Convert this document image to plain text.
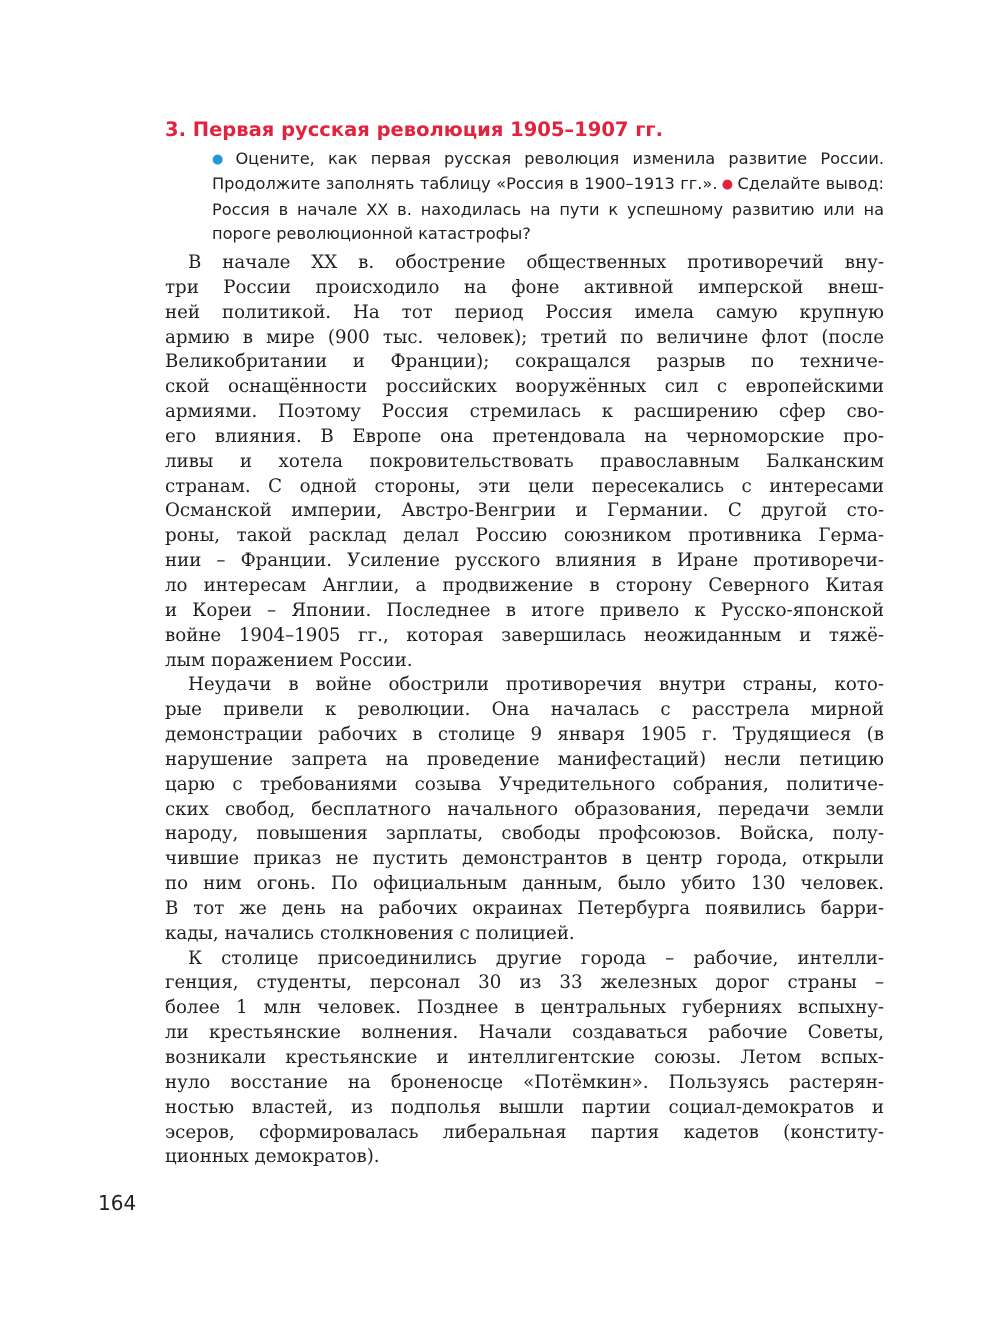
3. Первая русская революция 1905–1907 гг.

● Оцените, как первая русская революция изменила развитие России. Продолжите заполнять таблицу «Россия в 1900–1913 гг.». ● Сделайте вывод: Россия в начале XX в. находилась на пути к успешному развитию или на пороге революционной катастрофы?

В начале XX в. обострение общественных противоречий вну-
три России происходило на фоне активной имперской внеш-
ней политикой. На тот период Россия имела самую крупную
армию в мире (900 тыс. человек); третий по величине флот (после
Великобритании и Франции); сокращался разрыв по техниче-
ской оснащённости российских вооружённых сил с европейскими
армиями. Поэтому Россия стремилась к расширению сфер сво-
его влияния. В Европе она претендовала на черноморские про-
ливы и хотела покровительствовать православным Балканским
странам. С одной стороны, эти цели пересекались с интересами
Османской империи, Австро-Венгрии и Германии. С другой сто-
роны, такой расклад делал Россию союзником противника Герма-
нии – Франции. Усиление русского влияния в Иране противоречи-
ло интересам Англии, а продвижение в сторону Северного Китая
и Кореи – Японии. Последнее в итоге привело к Русско-японской
войне 1904–1905 гг., которая завершилась неожиданным и тяжё-
лым поражением России.
Неудачи в войне обострили противоречия внутри страны, кото-
рые привели к революции. Она началась с расстрела мирной
демонстрации рабочих в столице 9 января 1905 г. Трудящиеся (в
нарушение запрета на проведение манифестаций) несли петицию
царю с требованиями созыва Учредительного собрания, политиче-
ских свобод, бесплатного начального образования, передачи земли
народу, повышения зарплаты, свободы профсоюзов. Войска, полу-
чившие приказ не пустить демонстрантов в центр города, открыли
по ним огонь. По официальным данным, было убито 130 человек.
В тот же день на рабочих окраинах Петербурга появились барри-
кады, начались столкновения с полицией.
К столице присоединились другие города – рабочие, интелли-
генция, студенты, персонал 30 из 33 железных дорог страны –
более 1 млн человек. Позднее в центральных губерниях вспыхну-
ли крестьянские волнения. Начали создаваться рабочие Советы,
возникали крестьянские и интеллигентские союзы. Летом вспых-
нуло восстание на броненосце «Потёмкин». Пользуясь растерян-
ностью властей, из подполья вышли партии социал-демократов и
эсеров, сформировалась либеральная партия кадетов (конститу-
ционных демократов).
164
